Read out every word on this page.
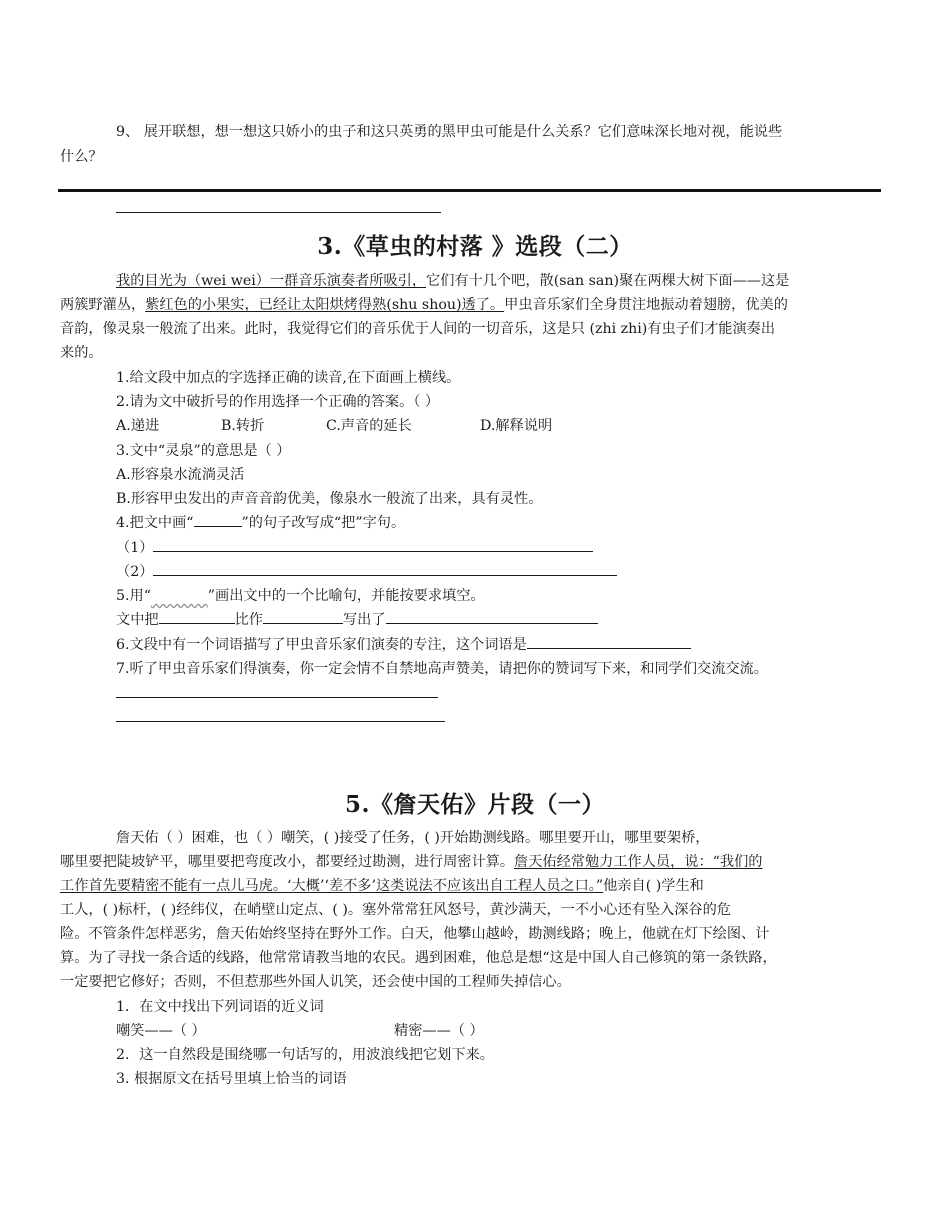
9、 展开联想，想一想这只娇小的虫子和这只英勇的黑甲虫可能是什么关系？它们意味深长地对视，能说些
什么？
3.《草虫的村落 》选段（二）
我的目光为（wei wei）一群音乐演奏者所吸引，它们有十几个吧，散(san san)聚在两棵大树下面——这是
两簇野灌丛，紫红色的小果实，已经让太阳烘烤得熟(shu shou)透了。甲虫音乐家们全身贯注地振动着翅膀，优美的
音韵，像灵泉一般流了出来。此时，我觉得它们的音乐优于人间的一切音乐，这是只 (zhi zhi)有虫子们才能演奏出
来的。
1.给文段中加点的字选择正确的读音,在下面画上横线。
2.请为文中破折号的作用选择一个正确的答案。（ ）
A.递进	B.转折	C.声音的延长	D.解释说明
3.文中“灵泉”的意思是（ ）
A.形容泉水流淌灵活
B.形容甲虫发出的声音音韵优美，像泉水一般流了出来，具有灵性。
4.把文中画“	”的句子改写成“把”字句。
（1）
（2）
5.用“	”画出文中的一个比喻句，并能按要求填空。
文中把	比作	写出了
6.文段中有一个词语描写了甲虫音乐家们演奏的专注，这个词语是
7.听了甲虫音乐家们得演奏，你一定会情不自禁地高声赞美，请把你的赞词写下来，和同学们交流交流。
5.《詹天佑》片段（一）
詹天佑（ ）困难，也（ ）嘲笑，( )接受了任务，( )开始勘测线路。哪里要开山，哪里要架桥，
哪里要把陡坡铲平，哪里要把弯度改小，都要经过勘测，进行周密计算。詹天佑经常勉力工作人员，说：“我们的
工作首先要精密不能有一点儿马虎。‘大概’‘差不多’这类说法不应该出自工程人员之口。”他亲自( )学生和
工人，( )标杆，( )经纬仪，在峭壁山定点、( )。塞外常常狂风怒号，黄沙满天，一不小心还有坠入深谷的危
险。不管条件怎样恶劣，詹天佑始终坚持在野外工作。白天，他攀山越岭，勘测线路；晚上，他就在灯下绘图、计
算。为了寻找一条合适的线路，他常常请教当地的农民。遇到困难，他总是想“这是中国人自己修筑的第一条铁路，
一定要把它修好；否则，不但惹那些外国人讥笑，还会使中国的工程师失掉信心。
1．在文中找出下列词语的近义词
嘲笑——（ ）	精密——（ ）
2．这一自然段是围绕哪一句话写的，用波浪线把它划下来。
3. 根据原文在括号里填上恰当的词语
